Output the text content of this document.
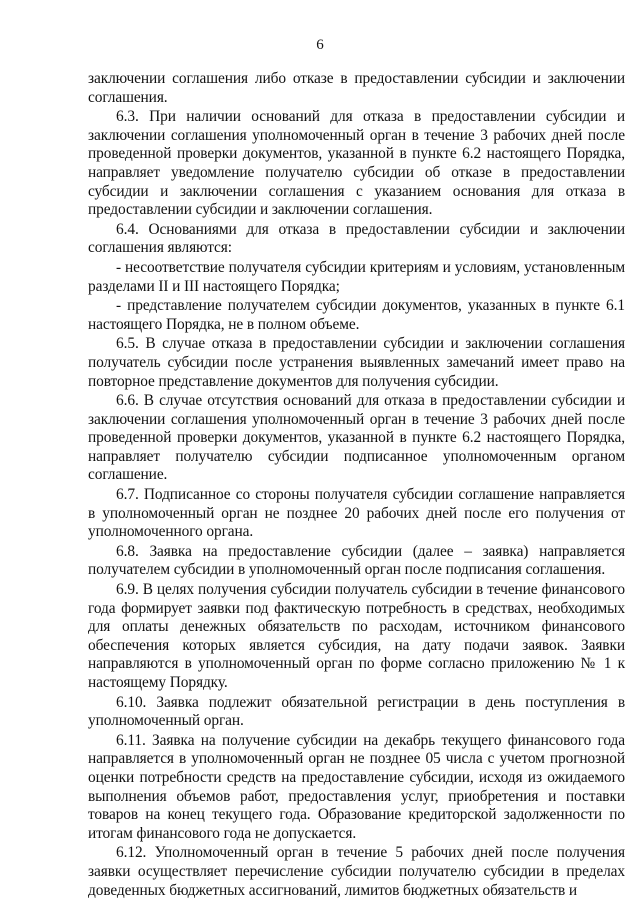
6

заключении соглашения либо отказе в предоставлении субсидии и заключении соглашения.

6.3. При наличии оснований для отказа в предоставлении субсидии и заключении соглашения уполномоченный орган в течение 3 рабочих дней после проведенной проверки документов, указанной в пункте 6.2 настоящего Порядка, направляет уведомление получателю субсидии об отказе в предоставлении субсидии и заключении соглашения с указанием основания для отказа в предоставлении субсидии и заключении соглашения.

6.4. Основаниями для отказа в предоставлении субсидии и заключении соглашения являются:

- несоответствие получателя субсидии критериям и условиям, установленным разделами II и III настоящего Порядка;

- представление получателем субсидии документов, указанных в пункте 6.1 настоящего Порядка, не в полном объеме.

6.5. В случае отказа в предоставлении субсидии и заключении соглашения получатель субсидии после устранения выявленных замечаний имеет право на повторное представление документов для получения субсидии.

6.6. В случае отсутствия оснований для отказа в предоставлении субсидии и заключении соглашения уполномоченный орган в течение 3 рабочих дней после проведенной проверки документов, указанной в пункте 6.2 настоящего Порядка, направляет получателю субсидии подписанное уполномоченным органом соглашение.

6.7. Подписанное со стороны получателя субсидии соглашение направляется в уполномоченный орган не позднее 20 рабочих дней после его получения от уполномоченного органа.

6.8. Заявка на предоставление субсидии (далее – заявка) направляется получателем субсидии в уполномоченный орган после подписания соглашения.

6.9. В целях получения субсидии получатель субсидии в течение финансового года формирует заявки под фактическую потребность в средствах, необходимых для оплаты денежных обязательств по расходам, источником финансового обеспечения которых является субсидия, на дату подачи заявок. Заявки направляются в уполномоченный орган по форме согласно приложению № 1 к настоящему Порядку.

6.10. Заявка подлежит обязательной регистрации в день поступления в уполномоченный орган.

6.11. Заявка на получение субсидии на декабрь текущего финансового года направляется в уполномоченный орган не позднее 05 числа с учетом прогнозной оценки потребности средств на предоставление субсидии, исходя из ожидаемого выполнения объемов работ, предоставления услуг, приобретения и поставки товаров на конец текущего года. Образование кредиторской задолженности по итогам финансового года не допускается.

6.12. Уполномоченный орган в течение 5 рабочих дней после получения заявки осуществляет перечисление субсидии получателю субсидии в пределах доведенных бюджетных ассигнований, лимитов бюджетных обязательств и
